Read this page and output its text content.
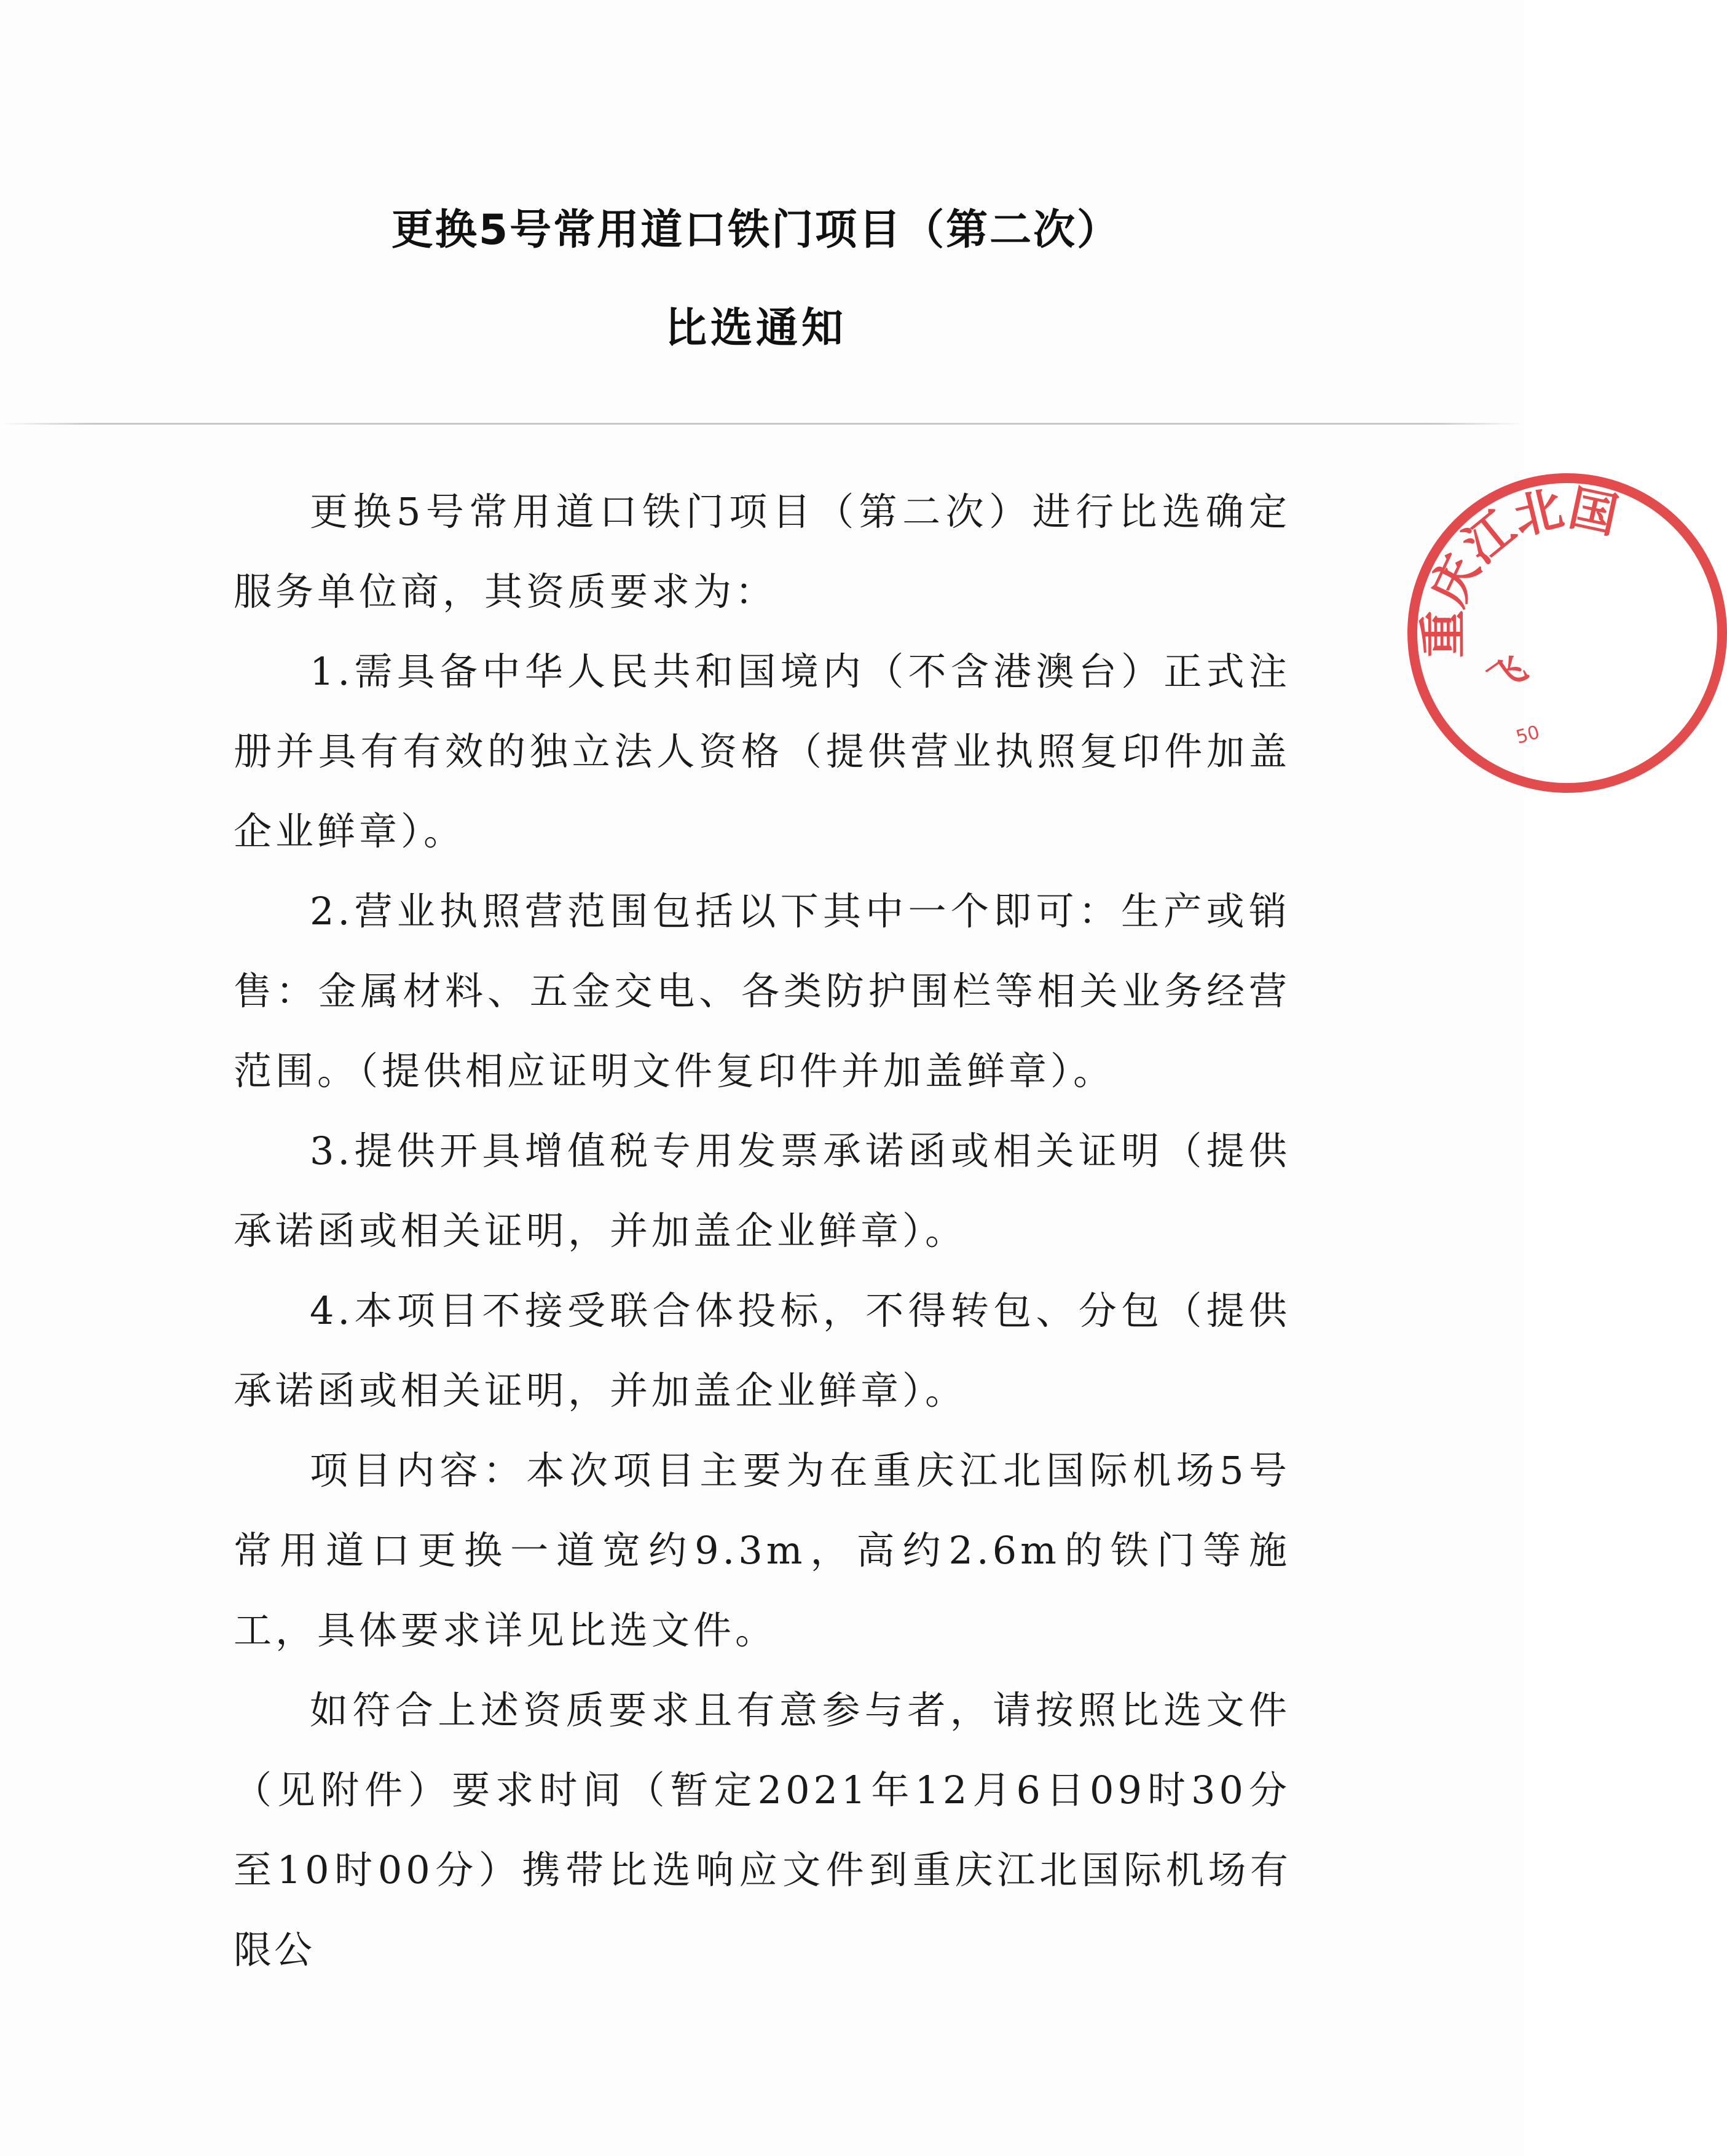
更换5号常用道口铁门项目（第二次）
比选通知

更换5号常用道口铁门项目（第二次）进行比选确定服务单位商，其资质要求为：

1.需具备中华人民共和国境内（不含港澳台）正式注册并具有有效的独立法人资格（提供营业执照复印件加盖企业鲜章）。

2.营业执照营范围包括以下其中一个即可：生产或销售：金属材料、五金交电、各类防护围栏等相关业务经营范围。（提供相应证明文件复印件并加盖鲜章）。

3.提供开具增值税专用发票承诺函或相关证明（提供承诺函或相关证明，并加盖企业鲜章）。

4.本项目不接受联合体投标，不得转包、分包（提供承诺函或相关证明，并加盖企业鲜章）。

项目内容：本次项目主要为在重庆江北国际机场5号常用道口更换一道宽约9.3m，高约2.6m的铁门等施工，具体要求详见比选文件。

如符合上述资质要求且有意参与者，请按照比选文件（见附件）要求时间（暂定2021年12月6日09时30分至10时00分）携带比选响应文件到重庆江北国际机场有限公

重庆江北国
飞
50
